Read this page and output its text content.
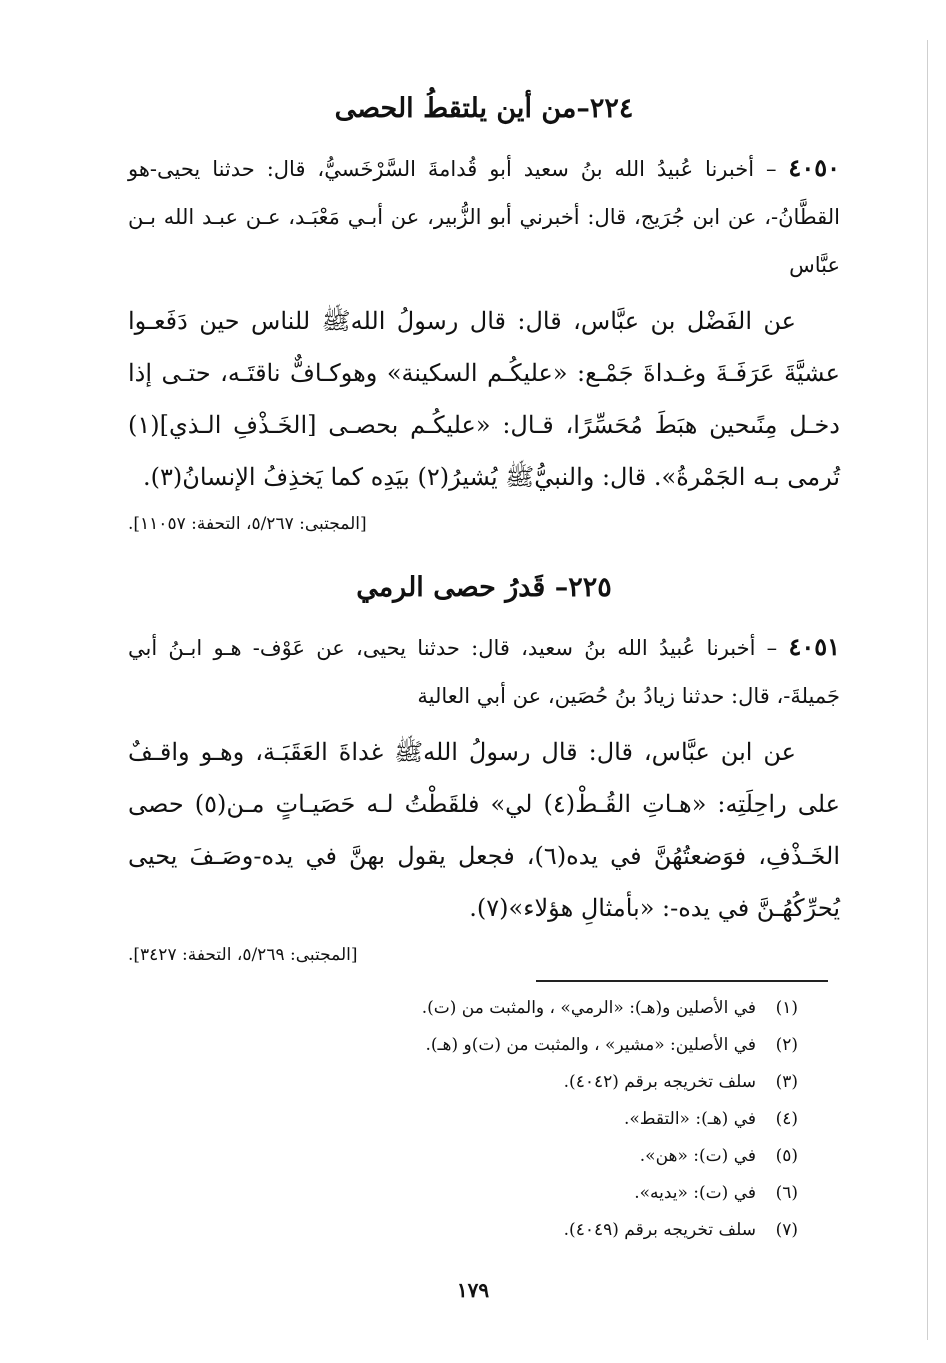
٢٢٤–من أين يلتقطُ الحصى

٤٠٥٠ – أخبرنا عُبيدُ الله بنُ سعيد أبو قُدامةَ السَّرْخَسيُّ، قال: حدثنا يحيى-هو القطَّانُ-، عن ابن جُرَيج، قال: أخبرني أبو الزُّبير، عن أبـي مَعْبَـد، عـن عبـد الله بـن عبَّاس

عن الفَضْل بن عبَّاس، قال: قال رسولُ اللهﷺ للناس حين دَفَعـوا عشيَّةَ عَرَفَـةَ وغـداةَ جَمْـع: «عليكُـم السكينة» وهوكـافٌّ ناقتَـه، حتـى إذا دخـل مِنًىحين هبَطَ مُحَسِّرًا، قـال: «عليكُـم بحصـى [الخَـذْفِ الـذي](١) تُرمى بـه الجَمْرةُ». قال: والنبيُّﷺ يُشيرُ(٢) بيَدِه كما يَخذِفُ الإنسانُ(٣).

[المجتبى: ٥/٢٦٧، التحفة: ١١٠٥٧].
٢٢٥– قَدرُ حصى الرمي

٤٠٥١ – أخبرنا عُبيدُ الله بنُ سعيد، قال: حدثنا يحيى، عن عَوْف- هـو ابـنُ أبي جَميلةَ-، قال: حدثنا زيادُ بنُ حُصَين، عن أبي العالية

عن ابن عبَّاس، قال: قال رسولُ اللهﷺ غداةَ العَقَبَـة، وهـو واقـفٌ على راحِلَتِه: «هـاتِ القُـطْ(٤) لي» فلقَطْتُ لـه حَصَيـاتٍ مـن(٥) حصى الخَـذْفِ، فوَضعتُهُنَّ في يده(٦)، فجعل يقول بهنَّ في يده-وصَـفَ يحيى يُحرِّكُهُـنَّ في يده-: «بأمثالِ هؤلاء»(٧).

[المجتبى: ٥/٢٦٩، التحفة: ٣٤٢٧].

(١)في الأصلين و(هـ): «الرمي» ، والمثبت من (ت).

(٢)في الأصلين: «مشير» ، والمثبت من (ت)و (هـ).

(٣)سلف تخريجه برقم (٤٠٤٢).

(٤)في (هـ): «التقط».

(٥)في (ت): «هن».

(٦)في (ت): «يديه».

(٧)سلف تخريجه برقم (٤٠٤٩).

١٧٩
